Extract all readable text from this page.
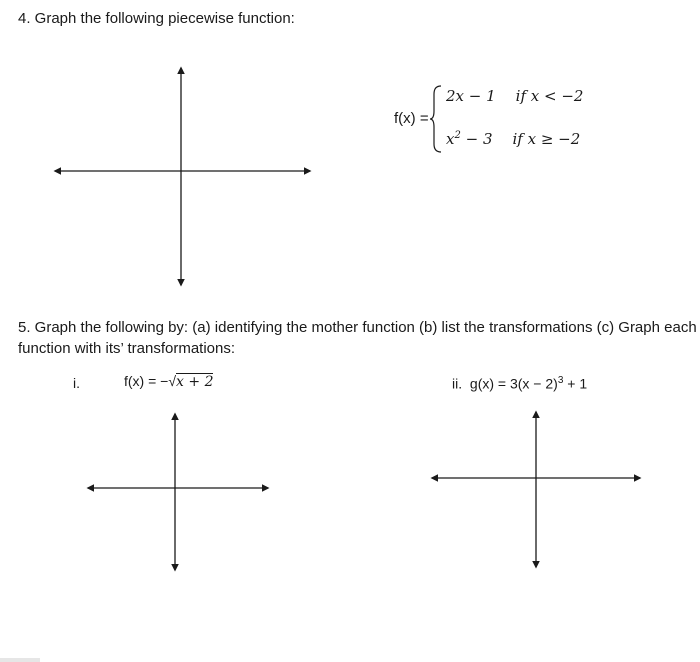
4. Graph the following piecewise function:

f(x) =
2x − 1 if x < −2
$x^2 - 3$ if x ≥ −2

5. Graph the following by: (a) identifying the mother function (b) list the transformations (c) Graph each function with its’ transformations:

i.	f(x) = −√x + 2	ii. $g(x) = 3(x - 2)^3 + 1$
